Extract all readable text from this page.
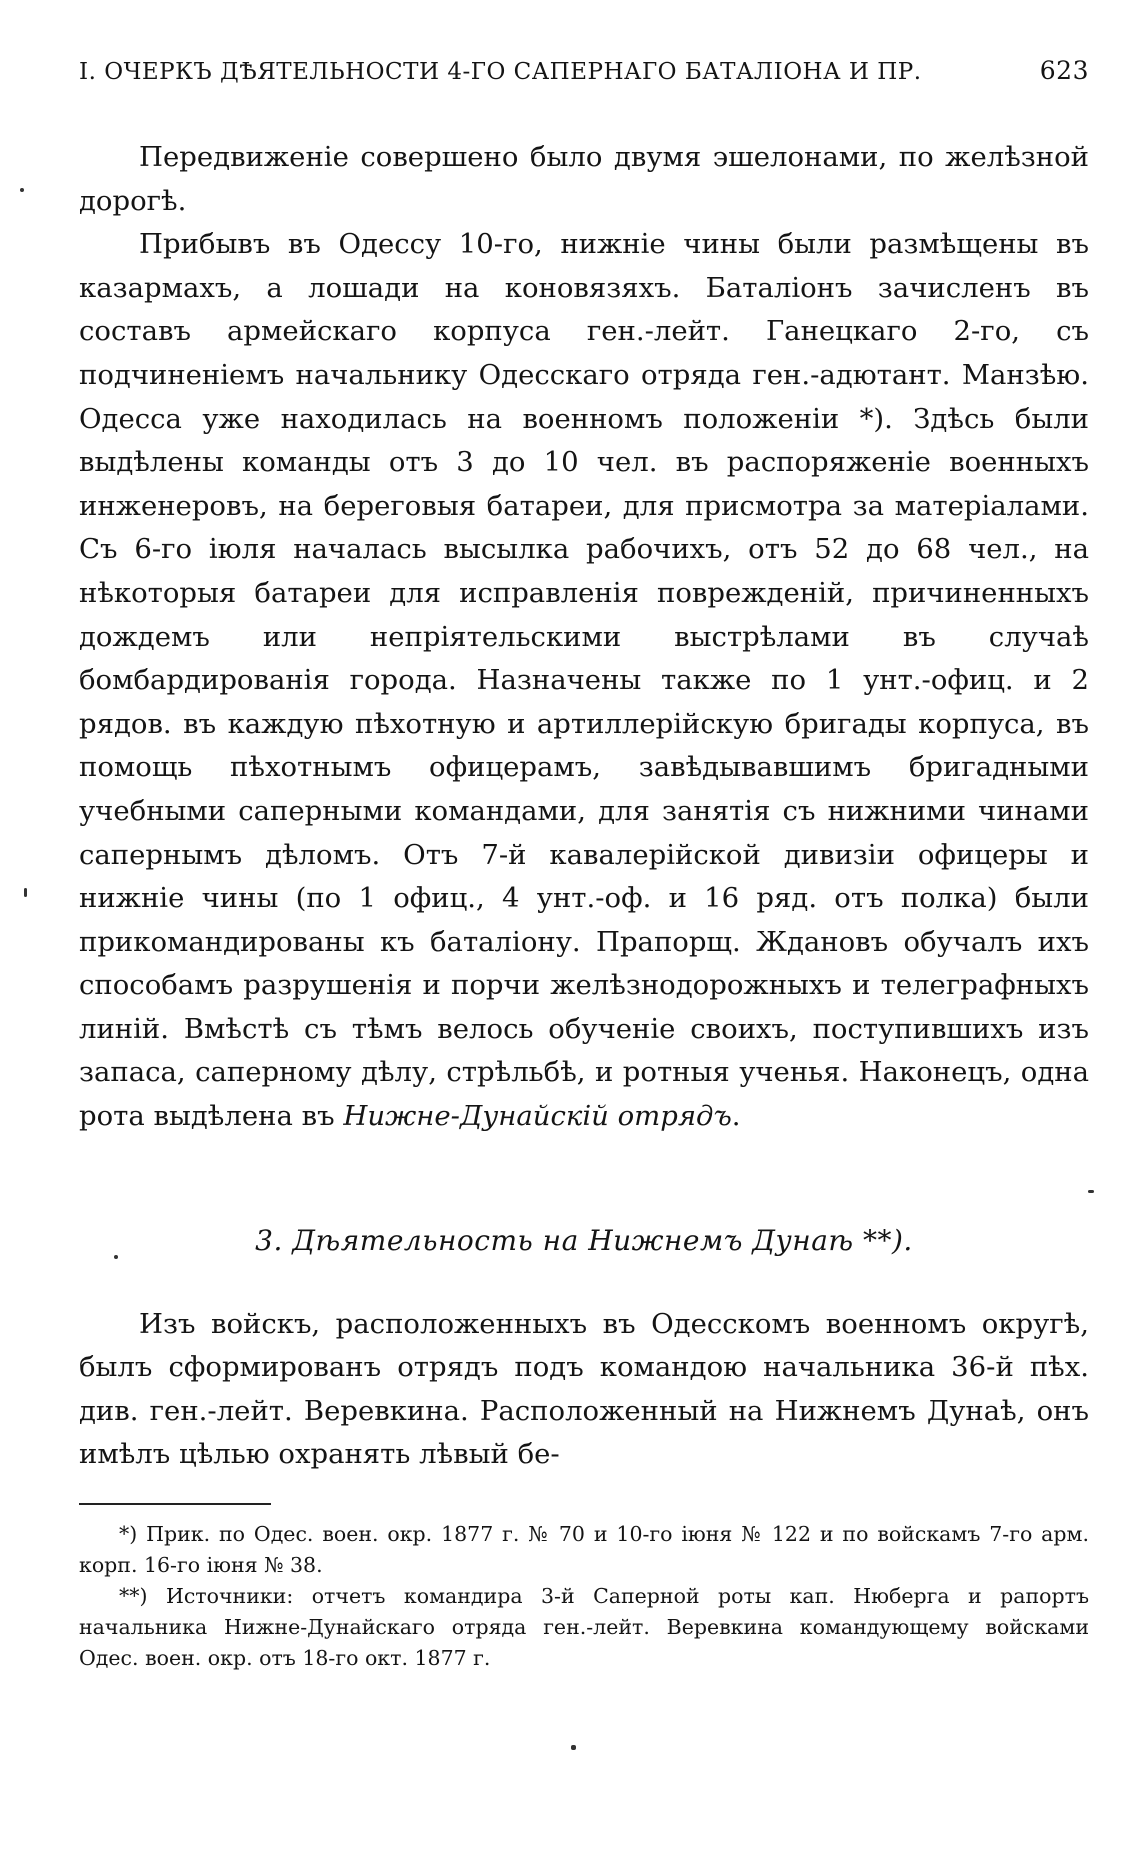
I. ОЧЕРКЪ ДѢЯТЕЛЬНОСТИ 4-ГО САПЕРНАГО БАТАЛІОНА И ПР.	623

Передвиженіе совершено было двумя эшелонами, по желѣзной дорогѣ.

Прибывъ въ Одессу 10-го, нижніе чины были размѣщены въ казармахъ, а лошади на коновязяхъ. Баталіонъ зачисленъ въ составъ армейскаго корпуса ген.-лейт. Ганецкаго 2-го, съ подчиненіемъ начальнику Одесскаго отряда ген.-адютант. Манзѣю. Одесса уже находилась на военномъ положеніи *). Здѣсь были выдѣлены команды отъ 3 до 10 чел. въ распоряженіе военныхъ инженеровъ, на береговыя батареи, для присмотра за матеріалами. Съ 6-го іюля началась высылка рабочихъ, отъ 52 до 68 чел., на нѣкоторыя батареи для исправленія поврежденій, причиненныхъ дождемъ или непріятельскими выстрѣлами въ случаѣ бомбардированія города. Назначены также по 1 унт.-офиц. и 2 рядов. въ каждую пѣхотную и артиллерійскую бригады корпуса, въ помощь пѣхотнымъ офицерамъ, завѣдывавшимъ бригадными учебными саперными командами, для занятія съ нижними чинами сапернымъ дѣломъ. Отъ 7-й кавалерійской дивизіи офицеры и нижніе чины (по 1 офиц., 4 унт.-оф. и 16 ряд. отъ полка) были прикомандированы къ баталіону. Прапорщ. Ждановъ обучалъ ихъ способамъ разрушенія и порчи желѣзнодорожныхъ и телеграфныхъ линій. Вмѣстѣ съ тѣмъ велось обученіе своихъ, поступившихъ изъ запаса, саперному дѣлу, стрѣльбѣ, и ротныя ученья. Наконецъ, одна рота выдѣлена въ Нижне-Дунайскій отрядъ.

3. Дѣятельность на Нижнемъ Дунаѣ **).

Изъ войскъ, расположенныхъ въ Одесскомъ военномъ округѣ, былъ сформированъ отрядъ подъ командою начальника 36-й пѣх. див. ген.-лейт. Веревкина. Расположенный на Нижнемъ Дунаѣ, онъ имѣлъ цѣлью охранять лѣвый бе-

*) Прик. по Одес. воен. окр. 1877 г. № 70 и 10-го іюня № 122 и по войскамъ 7-го арм. корп. 16-го іюня № 38.

**) Источники: отчетъ командира 3-й Саперной роты кап. Нюберга и рапортъ начальника Нижне-Дунайскаго отряда ген.-лейт. Веревкина командующему войсками Одес. воен. окр. отъ 18-го окт. 1877 г.
